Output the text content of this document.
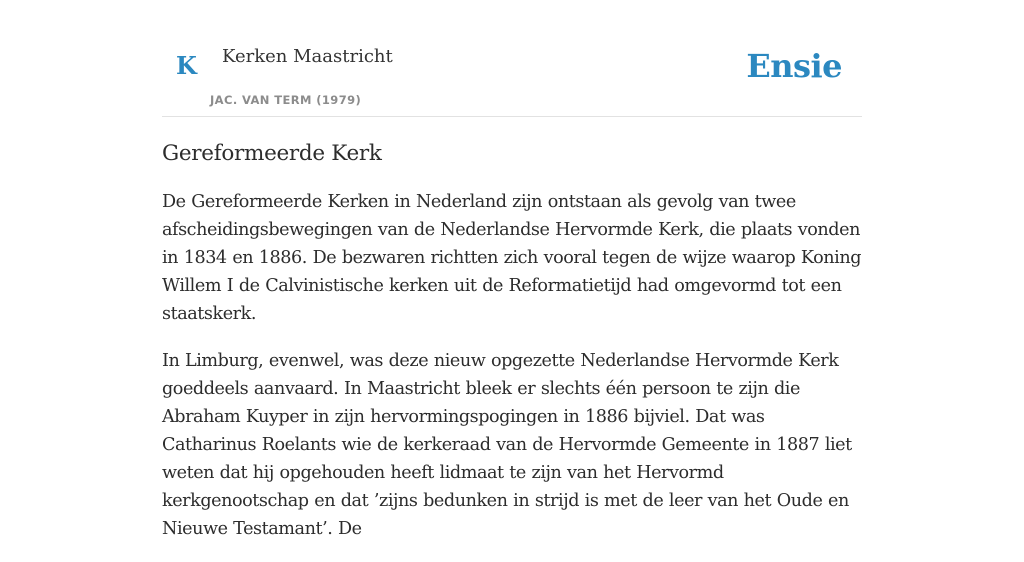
K Kerken Maastricht
JAC. VAN TERM (1979)
Ensie
Gereformeerde Kerk

De Gereformeerde Kerken in Nederland zijn ontstaan als gevolg van twee afscheidingsbewegingen van de Nederlandse Hervormde Kerk, die plaats vonden in 1834 en 1886. De bezwaren richtten zich vooral tegen de wijze waarop Koning Willem I de Calvinistische kerken uit de Reformatietijd had omgevormd tot een staatskerk.

In Limburg, evenwel, was deze nieuw opgezette Nederlandse Hervormde Kerk goeddeels aanvaard. In Maastricht bleek er slechts één persoon te zijn die Abraham Kuyper in zijn hervormingspogingen in 1886 bijviel. Dat was Catharinus Roelants wie de kerkeraad van de Hervormde Gemeente in 1887 liet weten dat hij opgehouden heeft lidmaat te zijn van het Hervormd kerkgenootschap en dat ’zijns bedunken in strijd is met de leer van het Oude en Nieuwe Testamant’. De
